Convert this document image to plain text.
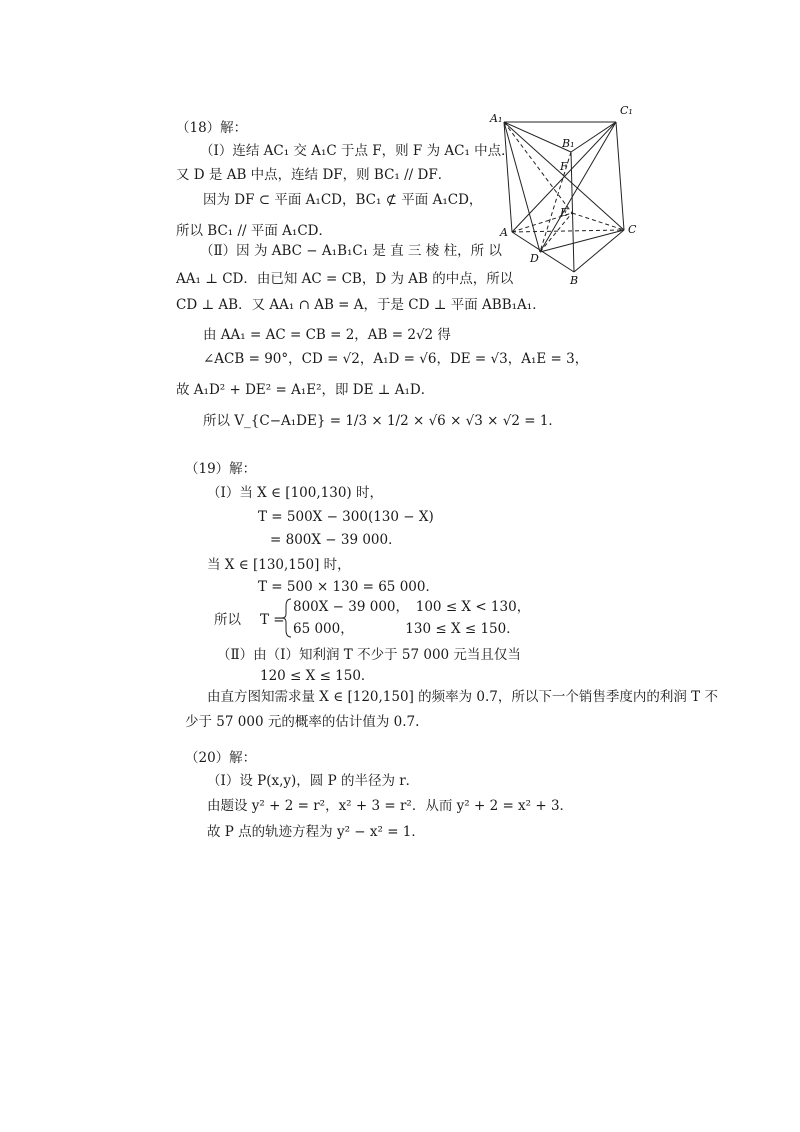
（18）解：
（Ⅰ）连结 AC₁ 交 A₁C 于点 F，则 F 为 AC₁ 中点．
又 D 是 AB 中点，连结 DF，则 BC₁ // DF．
因为 DF ⊂ 平面 A₁CD，BC₁ ⊄ 平面 A₁CD，
所以 BC₁ // 平面 A₁CD．
（Ⅱ）因 为 ABC − A₁B₁C₁ 是 直 三 棱 柱，所 以
AA₁ ⊥ CD．由已知 AC = CB，D 为 AB 的中点，所以
CD ⊥ AB．又 AA₁ ∩ AB = A，于是 CD ⊥ 平面 ABB₁A₁．
由 AA₁ = AC = CB = 2，AB = 2√2 得
∠ACB = 90°，CD = √2，A₁D = √6，DE = √3，A₁E = 3，
故 A₁D² + DE² = A₁E²，即 DE ⊥ A₁D．
所以 V_{C−A₁DE} = 1/3 × 1/2 × √6 × √3 × √2 = 1．
A₁
C₁
B₁
F
E
A	C
D
B
（19）解：
（Ⅰ）当 X ∈ [100,130) 时，
T = 500X − 300(130 − X)
= 800X − 39 000．
当 X ∈ [130,150] 时，
T = 500 × 130 = 65 000．
所以 T =
800X − 39 000，　100 ≤ X < 130，
65 000，　　　　 130 ≤ X ≤ 150．
（Ⅱ）由（Ⅰ）知利润 T 不少于 57 000 元当且仅当
120 ≤ X ≤ 150．
由直方图知需求量 X ∈ [120,150] 的频率为 0.7，所以下一个销售季度内的利润 T 不
少于 57 000 元的概率的估计值为 0.7.
（20）解：
（Ⅰ）设 P(x,y)，圆 P 的半径为 r．
由题设 y² + 2 = r²，x² + 3 = r²．从而 y² + 2 = x² + 3．
故 P 点的轨迹方程为 y² − x² = 1．
